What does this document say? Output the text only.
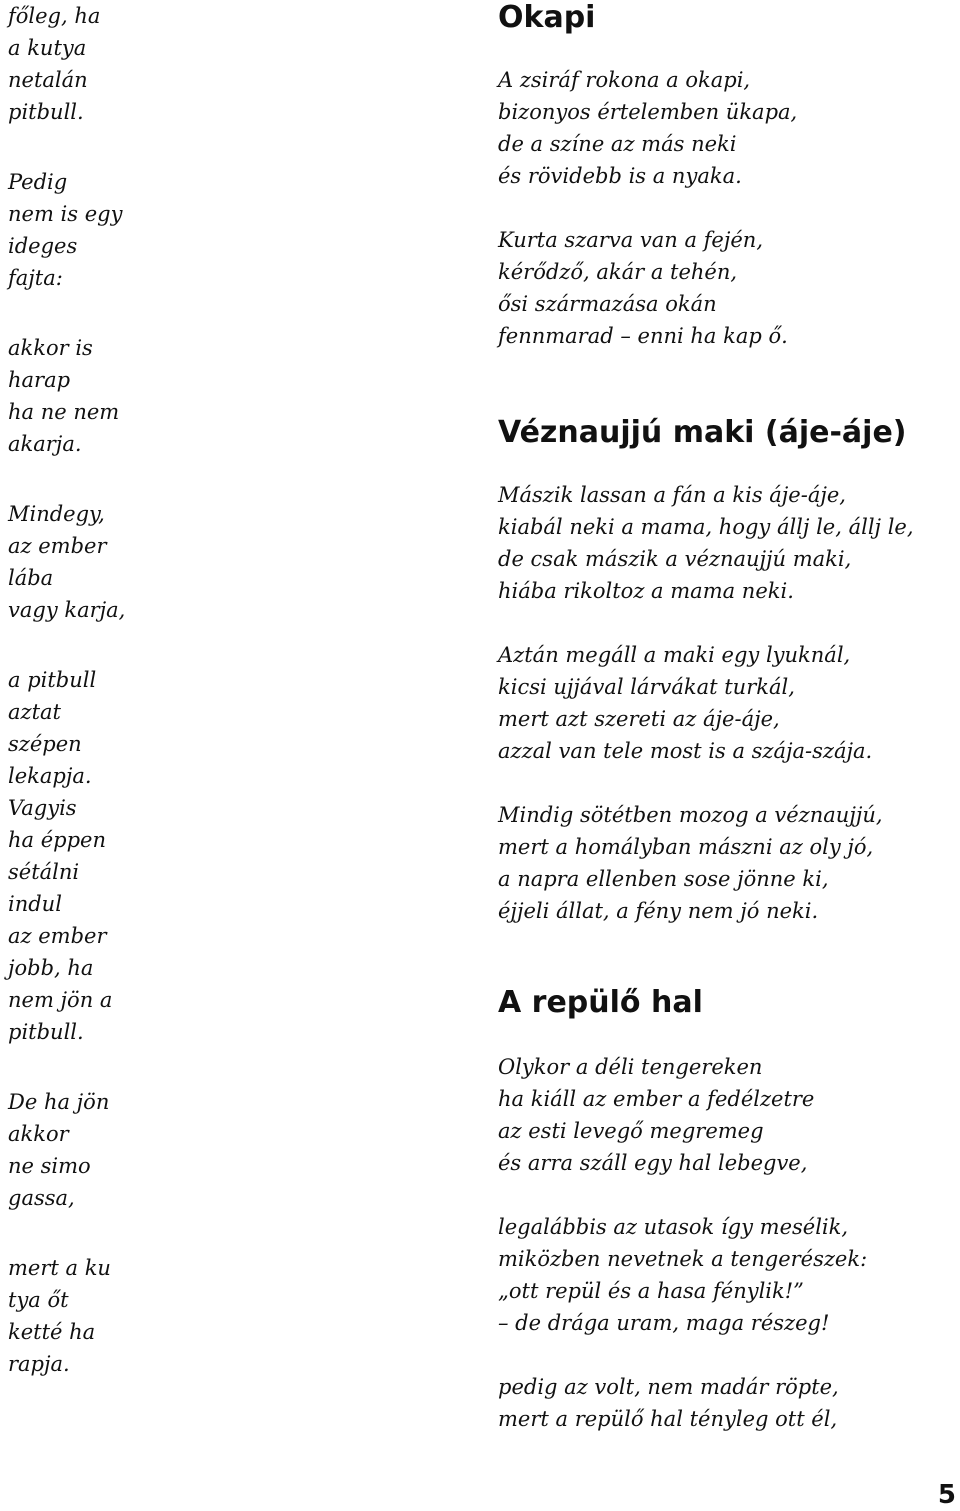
főleg, ha
a kutya
netalán
pitbull.
Pedig
nem is egy
ideges
fajta:
akkor is
harap
ha ne nem
akarja.
Mindegy,
az ember
lába
vagy karja,
a pitbull
aztat
szépen
lekapja.
Vagyis
ha éppen
sétálni
indul
az ember
jobb, ha
nem jön a
pitbull.
De ha jön
akkor
ne simo
gassa,
mert a ku
tya őt
ketté ha
rapja.
Okapi
A zsiráf rokona a okapi,
bizonyos értelemben ükapa,
de a színe az más neki
és rövidebb is a nyaka.
Kurta szarva van a fején,
kérődző, akár a tehén,
ősi származása okán
fennmarad – enni ha kap ő.
Véznaujjú maki (áje-áje)
Mászik lassan a fán a kis áje-áje,
kiabál neki a mama, hogy állj le, állj le,
de csak mászik a véznaujjú maki,
hiába rikoltoz a mama neki.
Aztán megáll a maki egy lyuknál,
kicsi ujjával lárvákat turkál,
mert azt szereti az áje-áje,
azzal van tele most is a szája-szája.
Mindig sötétben mozog a véznaujjú,
mert a homályban mászni az oly jó,
a napra ellenben sose jönne ki,
éjjeli állat, a fény nem jó neki.
A repülő hal
Olykor a déli tengereken
ha kiáll az ember a fedélzetre
az esti levegő megremeg
és arra száll egy hal lebegve,
legalábbis az utasok így mesélik,
miközben nevetnek a tengerészek:
„ott repül és a hasa fénylik!”
– de drága uram, maga részeg!
pedig az volt, nem madár röpte,
mert a repülő hal tényleg ott él,
5
